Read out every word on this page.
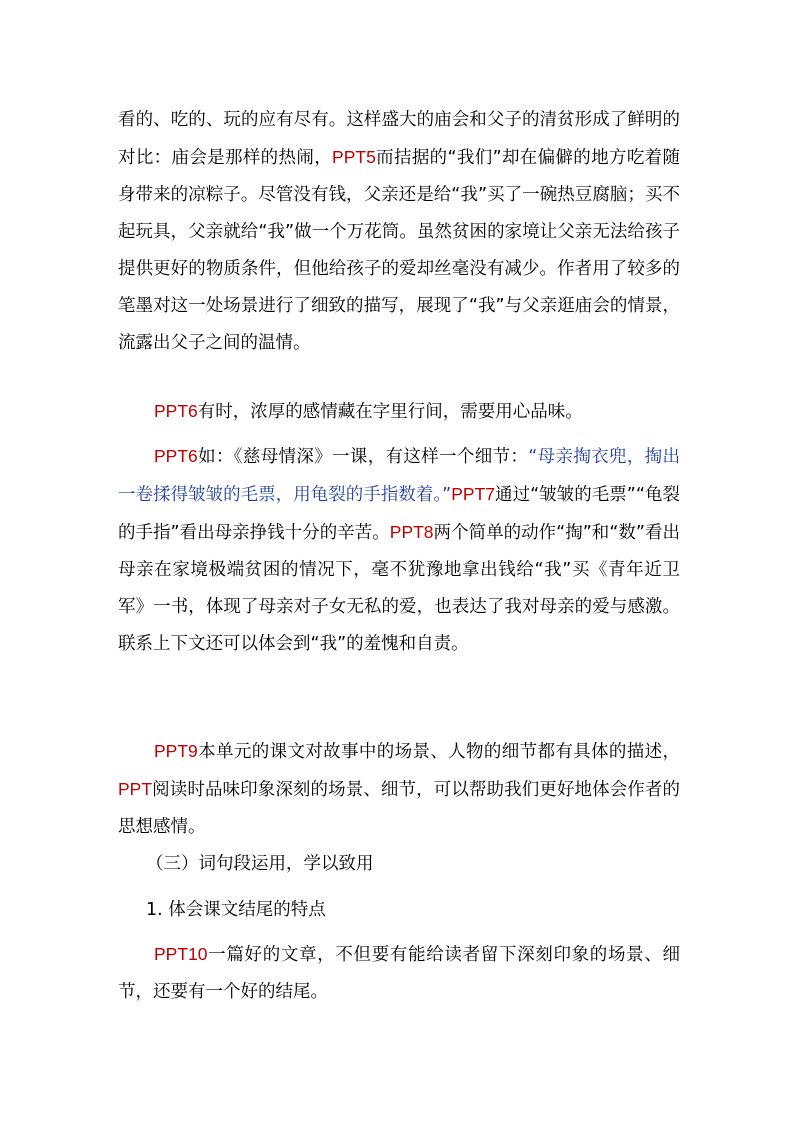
看的、吃的、玩的应有尽有。这样盛大的庙会和父子的清贫形成了鲜明的对比：庙会是那样的热闹，PPT5而拮据的“我们”却在偏僻的地方吃着随身带来的凉粽子。尽管没有钱，父亲还是给“我”买了一碗热豆腐脑；买不起玩具，父亲就给“我”做一个万花筒。虽然贫困的家境让父亲无法给孩子提供更好的物质条件，但他给孩子的爱却丝毫没有减少。作者用了较多的笔墨对这一处场景进行了细致的描写，展现了“我”与父亲逛庙会的情景，流露出父子之间的温情。

PPT6有时，浓厚的感情藏在字里行间，需要用心品味。

PPT6如：《慈母情深》一课，有这样一个细节：“母亲掏衣兜，掏出一卷揉得皱皱的毛票，用龟裂的手指数着。”PPT7通过“皱皱的毛票”“龟裂的手指”看出母亲挣钱十分的辛苦。PPT8两个简单的动作“掏”和“数”看出母亲在家境极端贫困的情况下，毫不犹豫地拿出钱给“我”买《青年近卫军》一书，体现了母亲对子女无私的爱，也表达了我对母亲的爱与感激。联系上下文还可以体会到“我”的羞愧和自责。

PPT9本单元的课文对故事中的场景、人物的细节都有具体的描述，PPT阅读时品味印象深刻的场景、细节，可以帮助我们更好地体会作者的思想感情。

（三）词句段运用，学以致用

1. 体会课文结尾的特点

PPT10一篇好的文章，不但要有能给读者留下深刻印象的场景、细节，还要有一个好的结尾。
